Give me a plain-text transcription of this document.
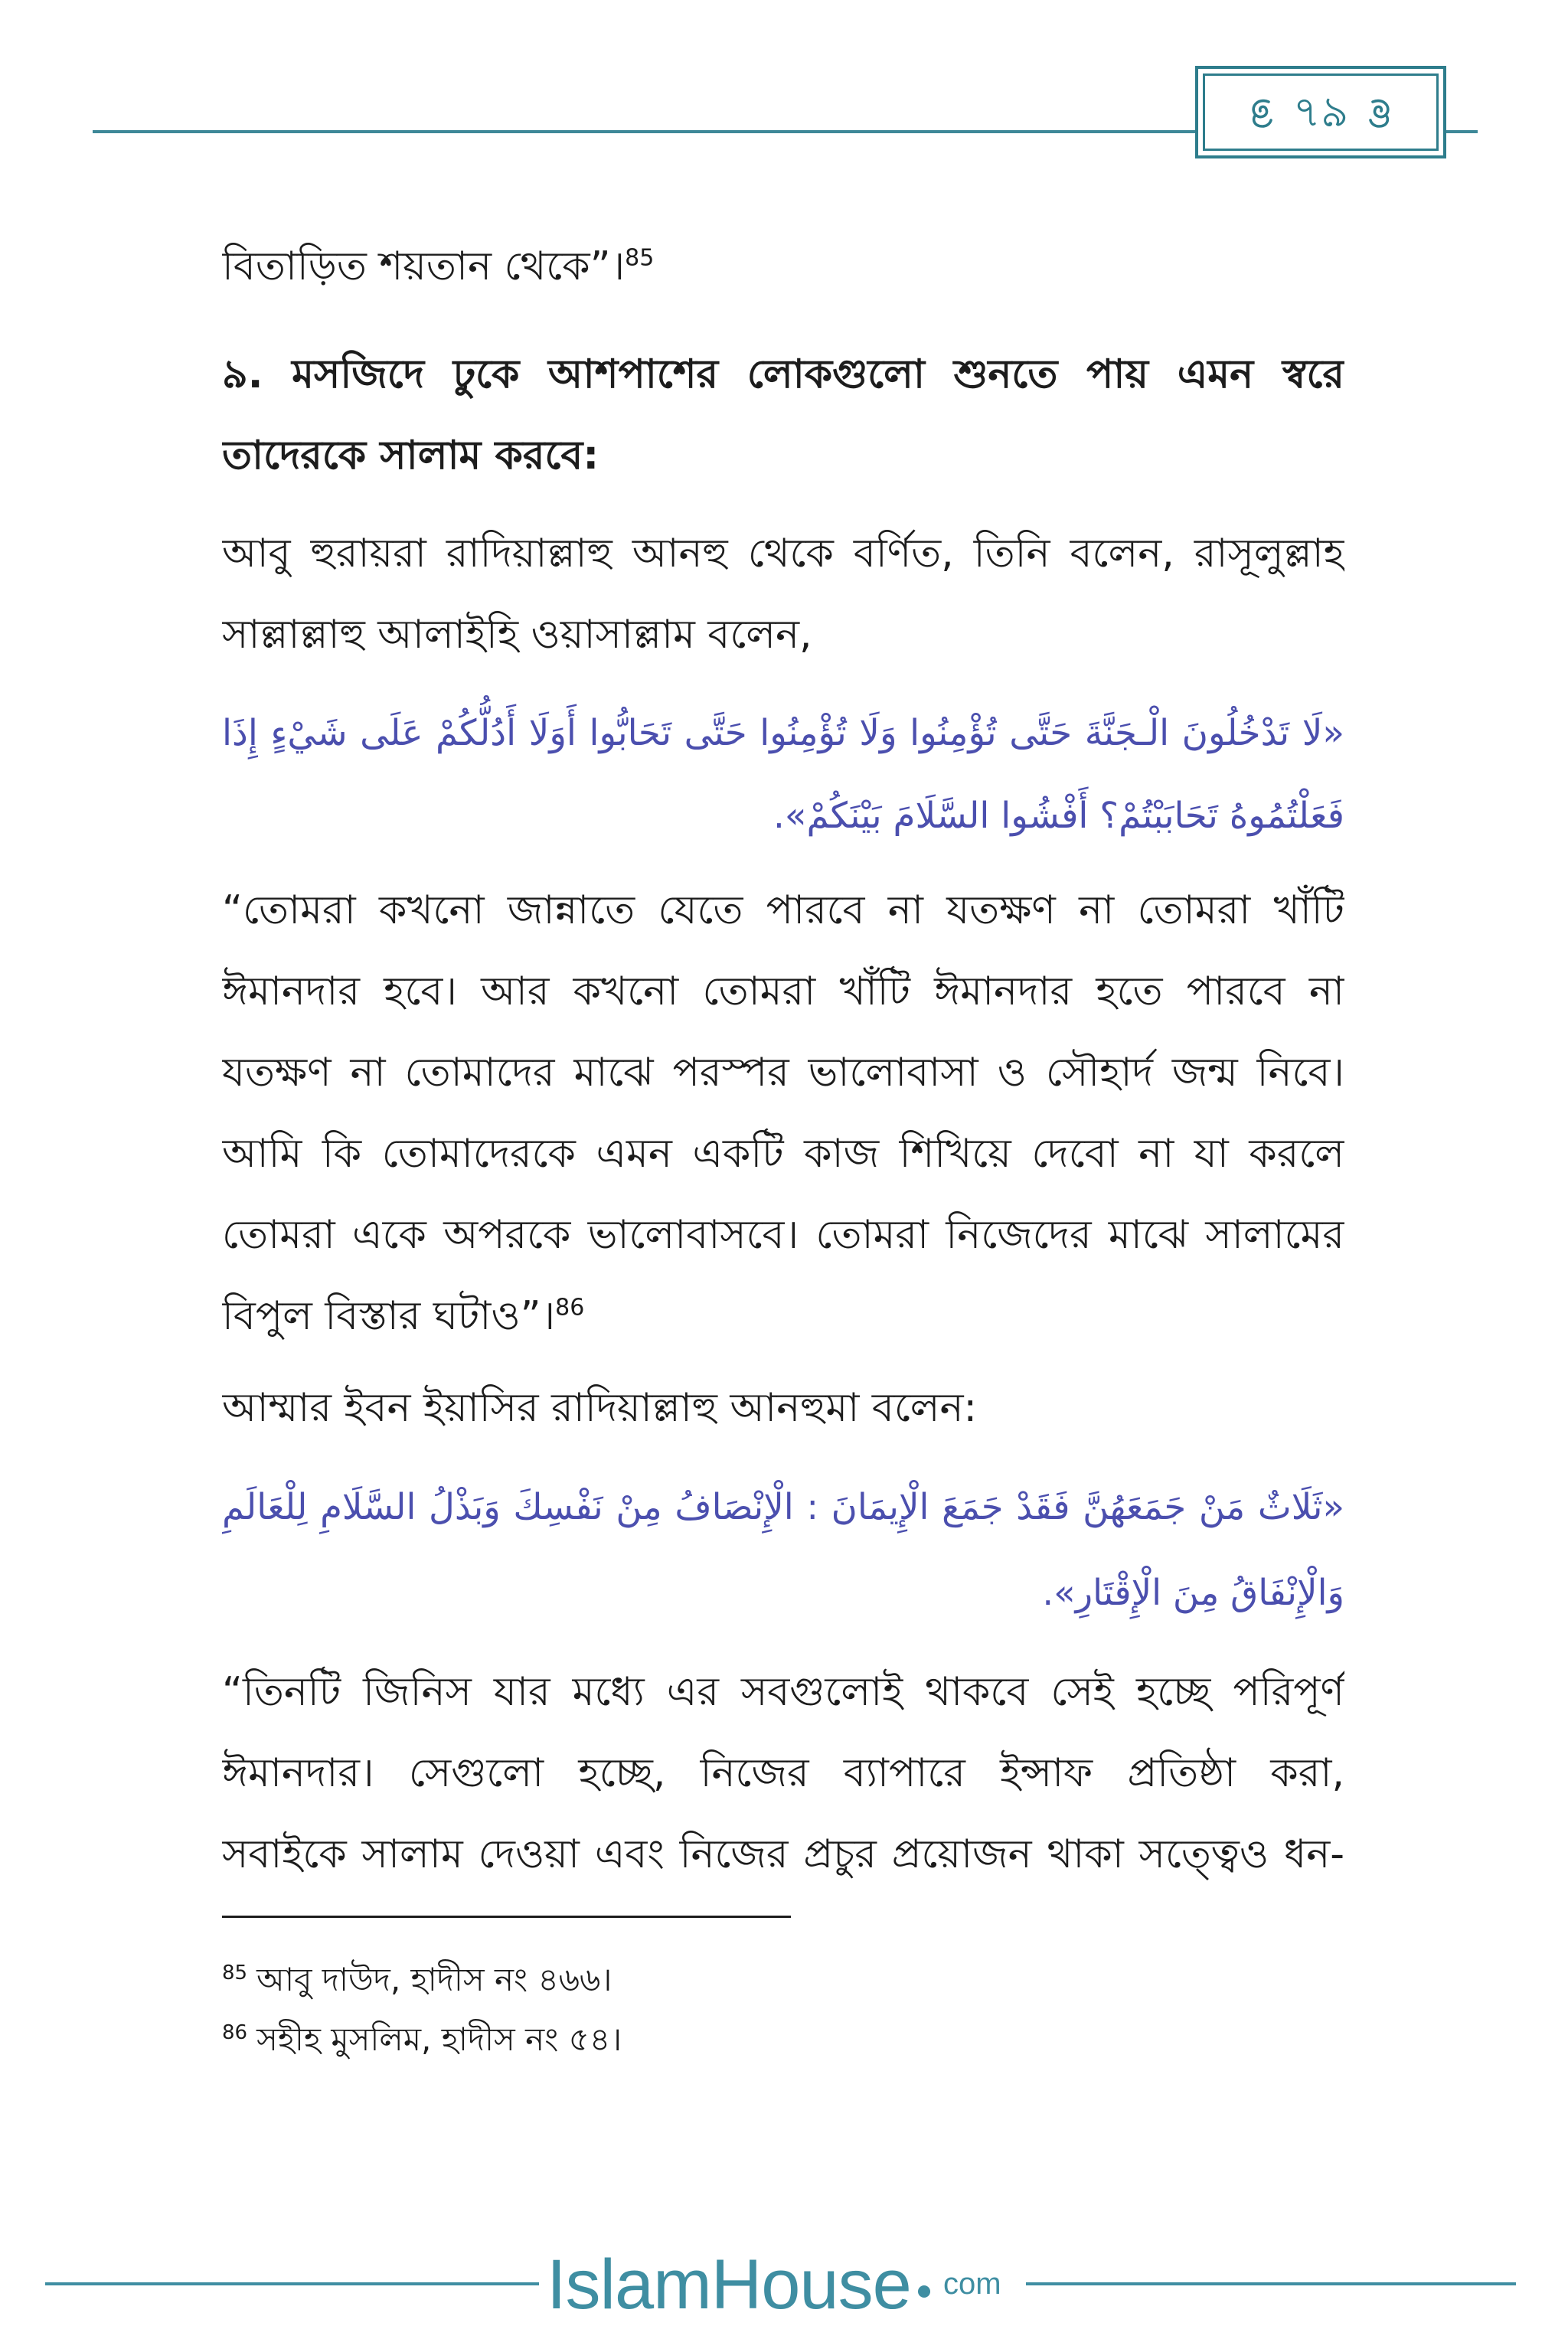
৭৯
বিতাড়িত শয়তান থেকে”।$^{85}$
৯. মসজিদে ঢুকে আশপাশের লোকগুলো শুনতে পায় এমন স্বরে
তাদেরকে সালাম করবে:
আবু হুরায়রা রাদিয়াল্লাহু আনহু থেকে বর্ণিত, তিনি বলেন, রাসূলুল্লাহ
সাল্লাল্লাহু আলাইহি ওয়াসাল্লাম বলেন,
«لَا تَدْخُلُونَ الْـجَنَّةَ حَتَّى تُؤْمِنُوا وَلَا تُؤْمِنُوا حَتَّى تَحَابُّوا أَوَلَا أَدُلُّكُمْ عَلَى شَيْءٍ إِذَا
فَعَلْتُمُوهُ تَحَابَبْتُمْ؟ أَفْشُوا السَّلَامَ بَيْنَكُمْ».
“তোমরা কখনো জান্নাতে যেতে পারবে না যতক্ষণ না তোমরা খাঁটি
ঈমানদার হবে। আর কখনো তোমরা খাঁটি ঈমানদার হতে পারবে না
যতক্ষণ না তোমাদের মাঝে পরস্পর ভালোবাসা ও সৌহার্দ জন্ম নিবে।
আমি কি তোমাদেরকে এমন একটি কাজ শিখিয়ে দেবো না যা করলে
তোমরা একে অপরকে ভালোবাসবে। তোমরা নিজেদের মাঝে সালামের
বিপুল বিস্তার ঘটাও”।$^{86}$
আম্মার ইবন ইয়াসির রাদিয়াল্লাহু আনহুমা বলেন:
«ثَلَاثٌ مَنْ جَمَعَهُنَّ فَقَدْ جَمَعَ الْإِيمَانَ : الْإِنْصَافُ مِنْ نَفْسِكَ وَبَذْلُ السَّلَامِ لِلْعَالَمِ
وَالْإِنْفَاقُ مِنَ الْإِقْتَارِ».
“তিনটি জিনিস যার মধ্যে এর সবগুলোই থাকবে সেই হচ্ছে পরিপূর্ণ
ঈমানদার। সেগুলো হচ্ছে, নিজের ব্যাপারে ইন্সাফ প্রতিষ্ঠা করা,
সবাইকে সালাম দেওয়া এবং নিজের প্রচুর প্রয়োজন থাকা সত্ত্বেও ধন-
$^{85}$ আবু দাউদ, হাদীস নং ৪৬৬।
$^{86}$ সহীহ মুসলিম, হাদীস নং ৫৪।
IslamHouse com
